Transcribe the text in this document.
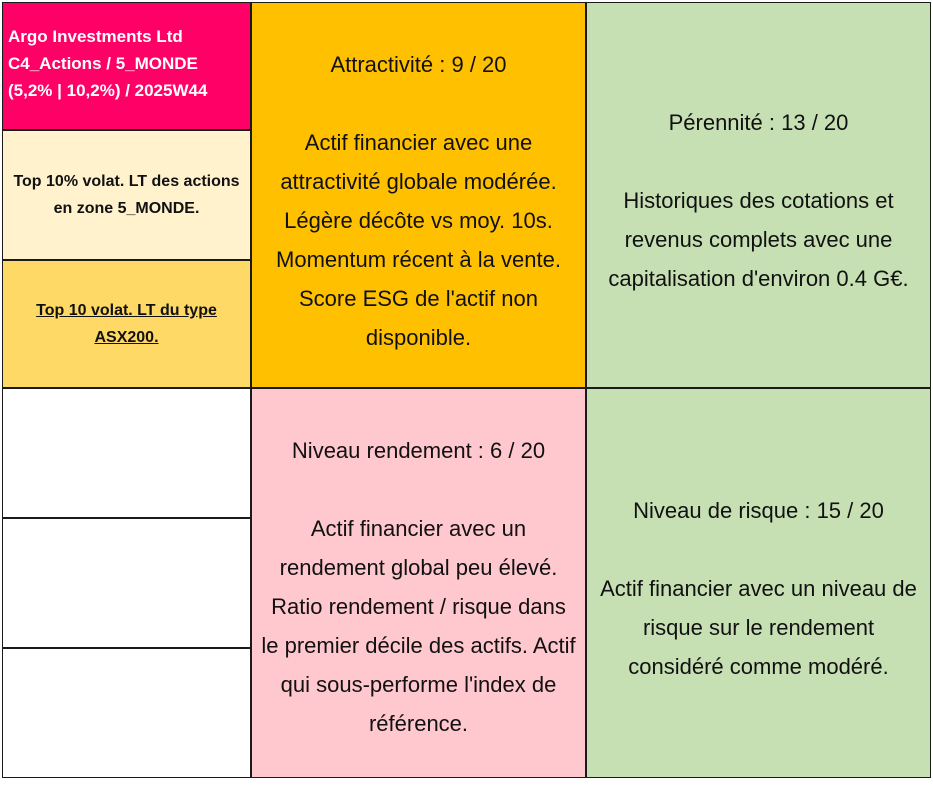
Argo Investments Ltd
C4_Actions / 5_MONDE
(5,2% | 10,2%) / 2025W44
Top 10% volat. LT des actions en zone 5_MONDE.
Top 10 volat. LT du type ASX200.
Attractivité : 9 / 20
Actif financier avec une attractivité globale modérée. Légère décôte vs moy. 10s. Momentum récent à la vente. Score ESG de l'actif non disponible.
Pérennité : 13 / 20
Historiques des cotations et revenus complets avec une capitalisation d'environ 0.4 G€.
Niveau rendement : 6 / 20
Actif financier avec un rendement global peu élevé. Ratio rendement / risque dans le premier décile des actifs. Actif qui sous-performe l'index de référence.
Niveau de risque : 15 / 20
Actif financier avec un niveau de risque sur le rendement considéré comme modéré.
